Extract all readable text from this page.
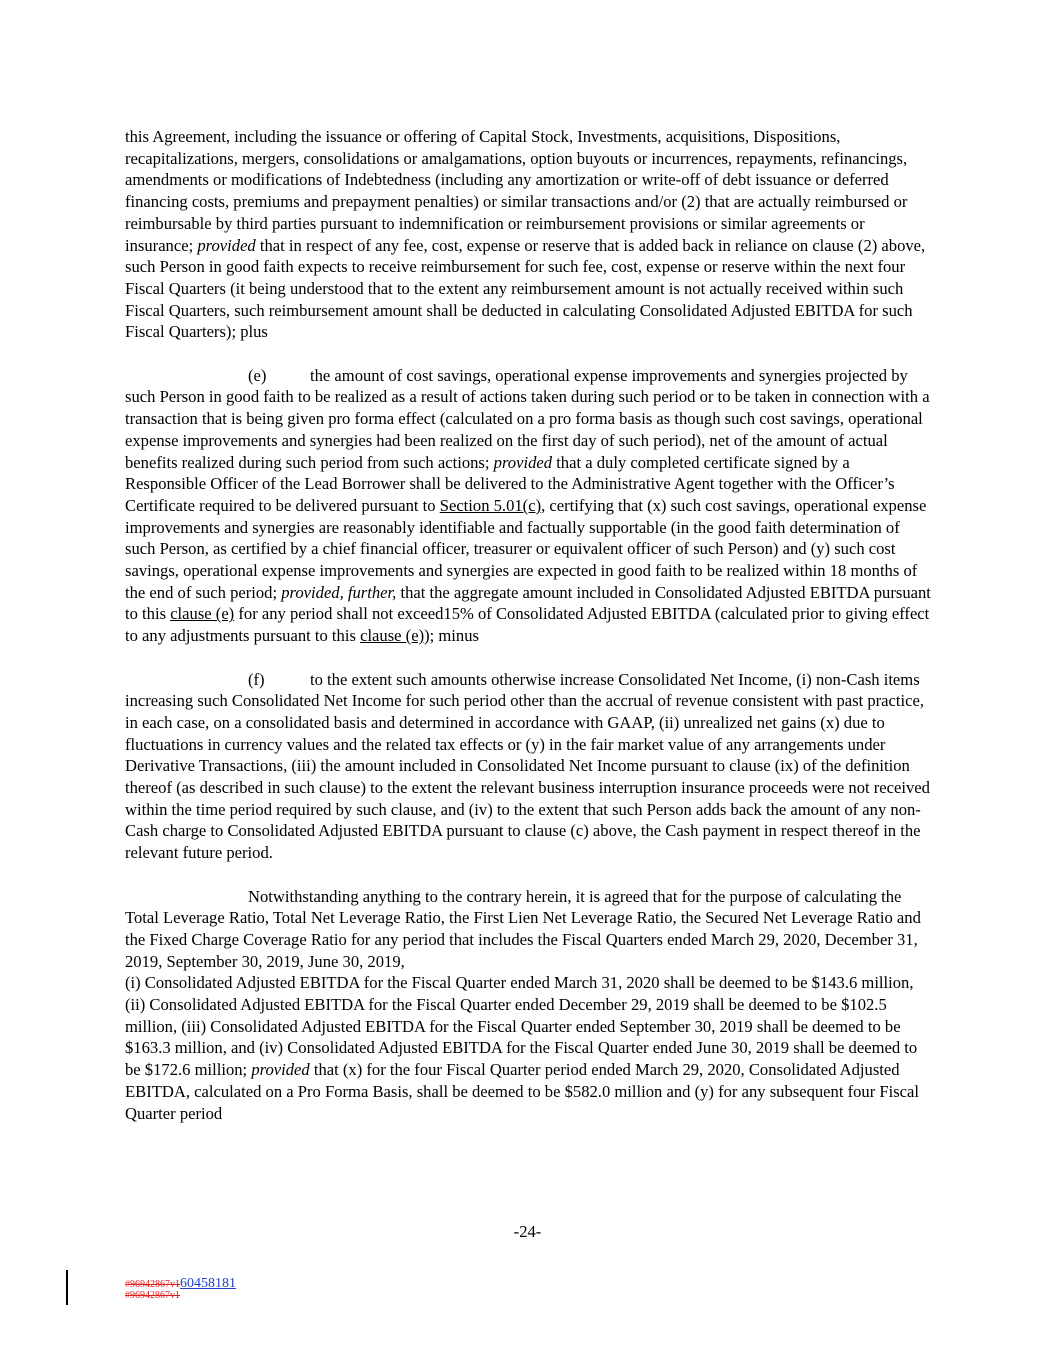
this Agreement, including the issuance or offering of Capital Stock, Investments, acquisitions, Dispositions, recapitalizations, mergers, consolidations or amalgamations, option buyouts or incurrences, repayments, refinancings, amendments or modifications of Indebtedness (including any amortization or write-off of debt issuance or deferred financing costs, premiums and prepayment penalties) or similar transactions and/or (2) that are actually reimbursed or reimbursable by third parties pursuant to indemnification or reimbursement provisions or similar agreements or insurance; provided that in respect of any fee, cost, expense or reserve that is added back in reliance on clause (2) above, such Person in good faith expects to receive reimbursement for such fee, cost, expense or reserve within the next four Fiscal Quarters (it being understood that to the extent any reimbursement amount is not actually received within such Fiscal Quarters, such reimbursement amount shall be deducted in calculating Consolidated Adjusted EBITDA for such Fiscal Quarters); plus

(e)	the amount of cost savings, operational expense improvements and synergies projected by such Person in good faith to be realized as a result of actions taken during such period or to be taken in connection with a transaction that is being given pro forma effect (calculated on a pro forma basis as though such cost savings, operational expense improvements and synergies had been realized on the first day of such period), net of the amount of actual benefits realized during such period from such actions; provided that a duly completed certificate signed by a Responsible Officer of the Lead Borrower shall be delivered to the Administrative Agent together with the Officer’s Certificate required to be delivered pursuant to Section 5.01(c), certifying that (x) such cost savings, operational expense improvements and synergies are reasonably identifiable and factually supportable (in the good faith determination of such Person, as certified by a chief financial officer, treasurer or equivalent officer of such Person) and (y) such cost savings, operational expense improvements and synergies are expected in good faith to be realized within 18 months of the end of such period; provided, further, that the aggregate amount included in Consolidated Adjusted EBITDA pursuant to this clause (e) for any period shall not exceed15% of Consolidated Adjusted EBITDA (calculated prior to giving effect to any adjustments pursuant to this clause (e)); minus

(f)	to the extent such amounts otherwise increase Consolidated Net Income, (i) non-Cash items increasing such Consolidated Net Income for such period other than the accrual of revenue consistent with past practice, in each case, on a consolidated basis and determined in accordance with GAAP, (ii) unrealized net gains (x) due to fluctuations in currency values and the related tax effects or (y) in the fair market value of any arrangements under Derivative Transactions, (iii) the amount included in Consolidated Net Income pursuant to clause (ix) of the definition thereof (as described in such clause) to the extent the relevant business interruption insurance proceeds were not received within the time period required by such clause, and (iv) to the extent that such Person adds back the amount of any non-Cash charge to Consolidated Adjusted EBITDA pursuant to clause (c) above, the Cash payment in respect thereof in the relevant future period.

Notwithstanding anything to the contrary herein, it is agreed that for the purpose of calculating the Total Leverage Ratio, Total Net Leverage Ratio, the First Lien Net Leverage Ratio, the Secured Net Leverage Ratio and the Fixed Charge Coverage Ratio for any period that includes the Fiscal Quarters ended March 29, 2020, December 31, 2019, September 30, 2019, June 30, 2019,

(i) Consolidated Adjusted EBITDA for the Fiscal Quarter ended March 31, 2020 shall be deemed to be $143.6 million, (ii) Consolidated Adjusted EBITDA for the Fiscal Quarter ended December 29, 2019 shall be deemed to be $102.5 million, (iii) Consolidated Adjusted EBITDA for the Fiscal Quarter ended September 30, 2019 shall be deemed to be $163.3 million, and (iv) Consolidated Adjusted EBITDA for the Fiscal Quarter ended June 30, 2019 shall be deemed to be $172.6 million; provided that (x) for the four Fiscal Quarter period ended March 29, 2020, Consolidated Adjusted EBITDA, calculated on a Pro Forma Basis, shall be deemed to be $582.0 million and (y) for any subsequent four Fiscal Quarter period

-24-
#96942867v160458181
#96942867v1
